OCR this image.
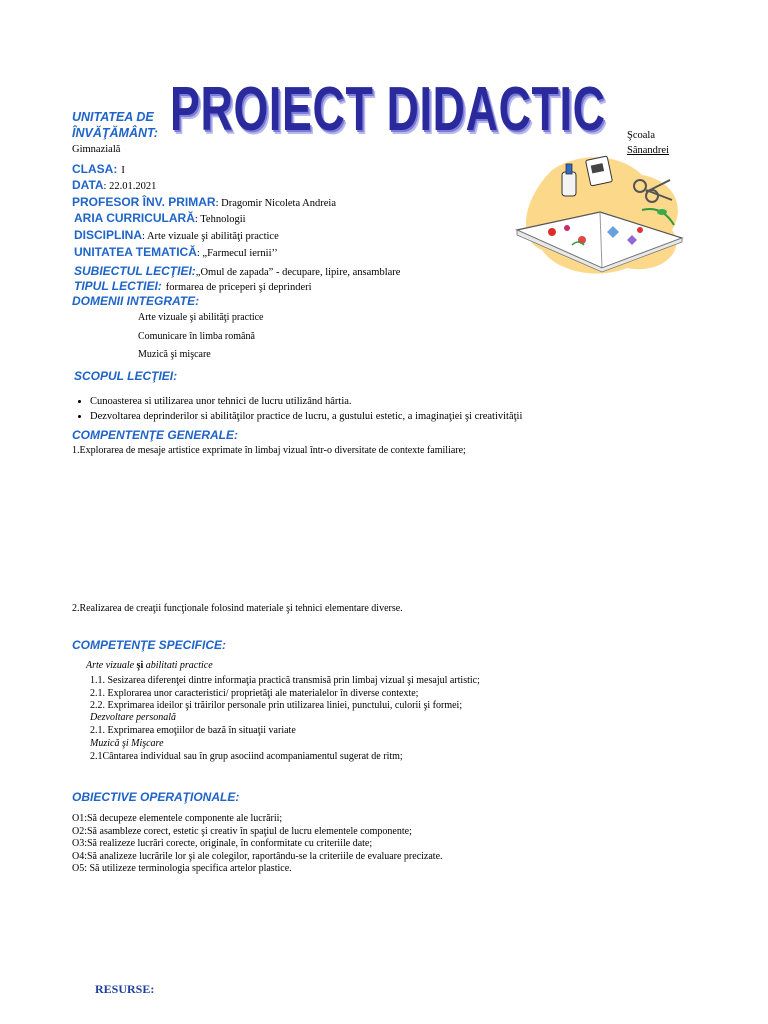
PROIECT DIDACTIC
UNITATEA DE
ÎNVĂŢĂMÂNT:
Gimnazială
Şcoala
Sânandrei
CLASA: I
DATA: 22.01.2021
PROFESOR ÎNV. PRIMAR: Dragomir Nicoleta Andreia
ARIA CURRICULARĂ: Tehnologii
DISCIPLINA: Arte vizuale şi abilităţi practice
UNITATEA TEMATICĂ: „Farmecul iernii’’
SUBIECTUL LECŢIEI:„Omul de zapada” - decupare, lipire, ansamblare
TIPUL LECTIEI: formarea de priceperi şi deprinderi
DOMENII INTEGRATE:
Arte vizuale şi abilităţi practice
Comunicare în limba română
Muzică şi mişcare
SCOPUL LECŢIEI:
• Cunoasterea si utilizarea unor tehnici de lucru utilizând hârtia.
• Dezvoltarea deprinderilor si abilităţilor practice de lucru, a gustului estetic, a imaginaţiei şi creativităţii
COMPENTENŢE GENERALE:
1.Explorarea de mesaje artistice exprimate în limbaj vizual într-o diversitate de contexte familiare;
2.Realizarea de creaţii funcţionale folosind materiale şi tehnici elementare diverse.
COMPETENŢE SPECIFICE:
Arte vizuale şi abilitati practice
1.1. Sesizarea diferenţei dintre informaţia practică transmisă prin limbaj vizual şi mesajul artistic;
2.1. Explorarea unor caracteristici/ proprietăţi ale materialelor în diverse contexte;
2.2. Exprimarea ideilor şi trăirilor personale prin utilizarea liniei, punctului, culorii şi formei;
Dezvoltare personală
2.1. Exprimarea emoţiilor de bază în situaţii variate
Muzică şi Mişcare
2.1Cântarea individual sau în grup asociind acompaniamentul sugerat de ritm;
OBIECTIVE OPERAŢIONALE:
O1:Să decupeze elementele componente ale lucrării;
O2:Să asambleze corect, estetic şi creativ în spaţiul de lucru elementele componente;
O3:Să realizeze lucrări corecte, originale, în conformitate cu criteriile date;
O4:Să analizeze lucrările lor şi ale colegilor, raportându-se la criteriile de evaluare precizate.
O5: Să utilizeze terminologia specifica artelor plastice.
RESURSE:
